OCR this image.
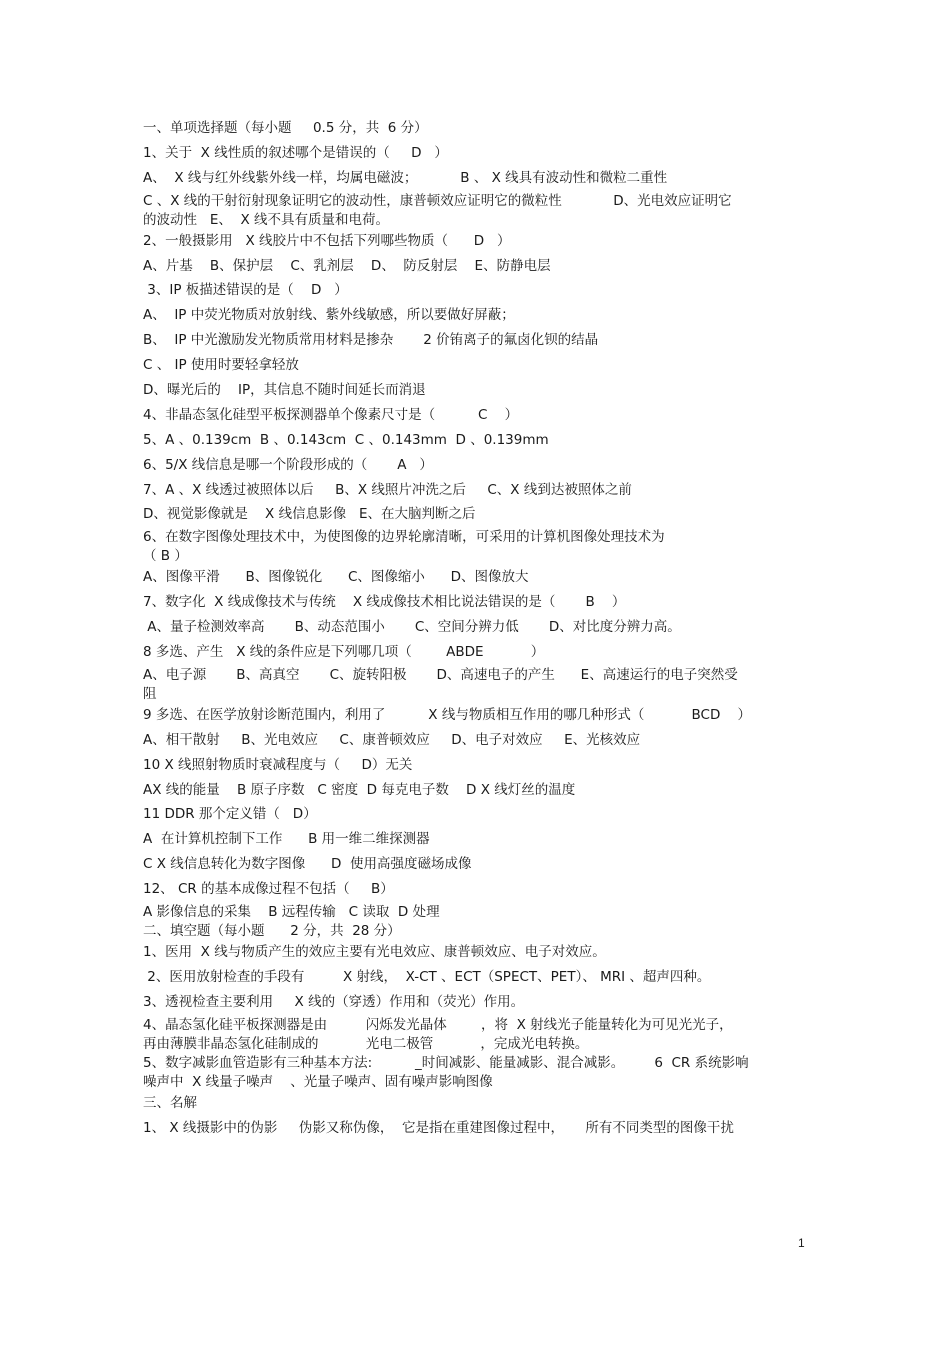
一、单项选择题（每小题     0.5 分，共  6 分）
1、关于  X 线性质的叙述哪个是错误的（     D   ）
A、  X 线与红外线紫外线一样，均属电磁波；          B 、 X 线具有波动性和微粒二重性
C 、X 线的干射衍射现象证明它的波动性，康普顿效应证明它的微粒性            D、光电效应证明它
的波动性   E、  X 线不具有质量和电荷。
2、一般摄影用   X 线胶片中不包括下列哪些物质（      D   ）
A、片基    B、保护层    C、乳剂层    D、  防反射层    E、防静电层
3、IP 板描述错误的是（    D   ）
A、  IP 中荧光物质对放射线、紫外线敏感，所以要做好屏蔽；
B、  IP 中光激励发光物质常用材料是掺杂       2 价铕离子的氟卤化钡的结晶
C 、 IP 使用时要轻拿轻放
D、曝光后的    IP，其信息不随时间延长而消退
4、非晶态氢化硅型平板探测器单个像素尺寸是（          C    ）
5、A 、0.139cm  B 、0.143cm  C 、0.143mm  D 、0.139mm
6、5/X 线信息是哪一个阶段形成的（       A   ）
7、A 、X 线透过被照体以后     B、X 线照片冲洗之后     C、X 线到达被照体之前
D、视觉影像就是    X 线信息影像   E、在大脑判断之后
6、在数字图像处理技术中，为使图像的边界轮廓清晰，可采用的计算机图像处理技术为
（ B ）
A、图像平滑      B、图像锐化      C、图像缩小      D、图像放大
7、数字化  X 线成像技术与传统    X 线成像技术相比说法错误的是（       B    ）
A、量子检测效率高       B、动态范围小       C、空间分辨力低       D、对比度分辨力高。
8 多选、产生   X 线的条件应是下列哪几项（        ABDE           ）
A、电子源       B、高真空       C、旋转阳极       D、高速电子的产生      E、高速运行的电子突然受
阻
9 多选、在医学放射诊断范围内，利用了          X 线与物质相互作用的哪几种形式（           BCD    ）
A、相干散射     B、光电效应     C、康普顿效应     D、电子对效应     E、光核效应
10 X 线照射物质时衰减程度与（     D）无关
AX 线的能量    B 原子序数   C 密度  D 每克电子数    D X 线灯丝的温度
11 DDR 那个定义错（   D）
A  在计算机控制下工作      B 用一维二维探测器
C X 线信息转化为数字图像      D  使用高强度磁场成像
12、 CR 的基本成像过程不包括（     B）
A 影像信息的采集    B 远程传输   C 读取  D 处理
二、填空题（每小题      2 分，共  28 分）
1、医用  X 线与物质产生的效应主要有光电效应、康普顿效应、电子对效应。
2、医用放射检查的手段有         X 射线，  X-CT 、ECT（SPECT、PET）、 MRI 、超声四种。
3、透视检查主要利用     X 线的（穿透）作用和（荧光）作用。
4、晶态氢化硅平板探测器是由         闪烁发光晶体        ，将  X 射线光子能量转化为可见光光子，
再由薄膜非晶态氢化硅制成的           光电二极管           ，完成光电转换。
5、数字减影血管造影有三种基本方法:          _时间减影、能量减影、混合减影。       6  CR 系统影响
噪声中  X 线量子噪声    、光量子噪声、固有噪声影响图像
三、名解
1、 X 线摄影中的伪影     伪影又称伪像，  它是指在重建图像过程中，     所有不同类型的图像干扰
1
